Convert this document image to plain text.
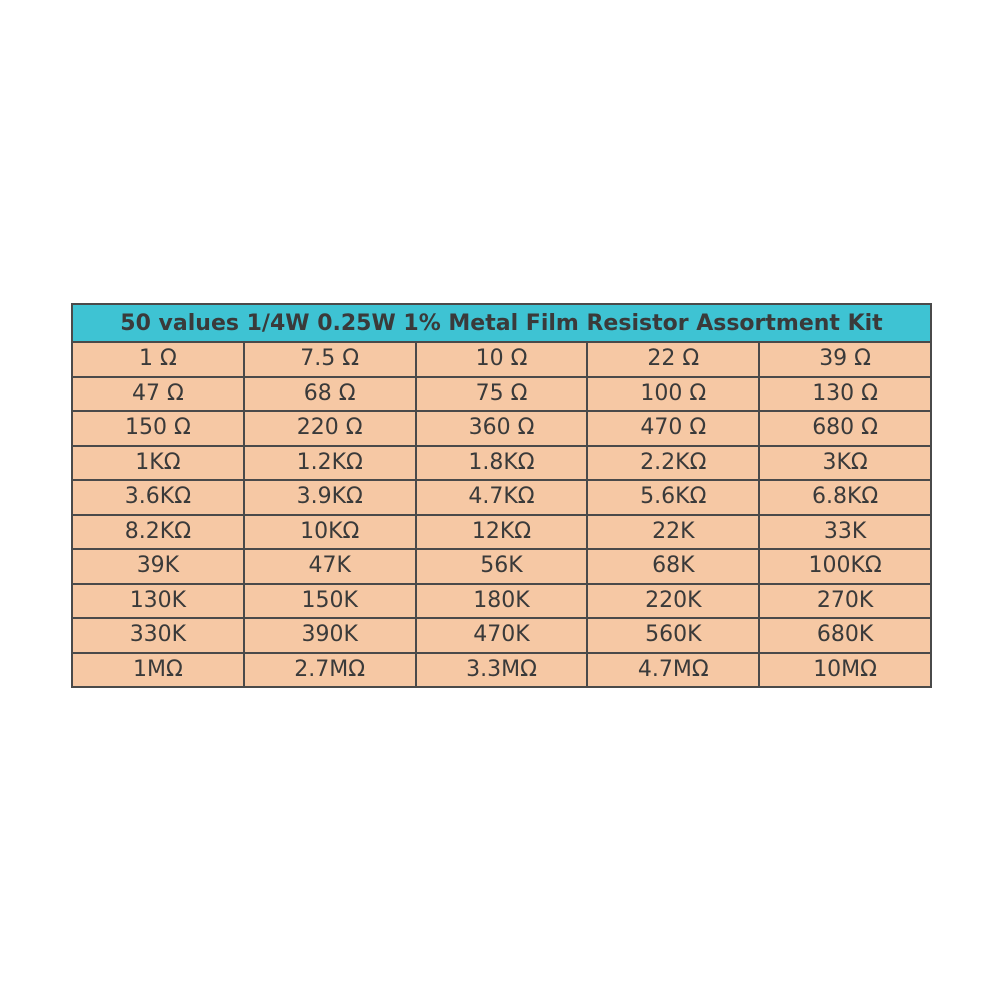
50 values 1/4W 0.25W 1% Metal Film Resistor Assortment Kit				
1 Ω	7.5 Ω	10 Ω	22 Ω	39 Ω
47 Ω	68 Ω	75 Ω	100 Ω	130 Ω
150 Ω	220 Ω	360 Ω	470 Ω	680 Ω
1KΩ	1.2KΩ	1.8KΩ	2.2KΩ	3KΩ
3.6KΩ	3.9KΩ	4.7KΩ	5.6KΩ	6.8KΩ
8.2KΩ	10KΩ	12KΩ	22K	33K
39K	47K	56K	68K	100KΩ
130K	150K	180K	220K	270K
330K	390K	470K	560K	680K
1MΩ	2.7MΩ	3.3MΩ	4.7MΩ	10MΩ
